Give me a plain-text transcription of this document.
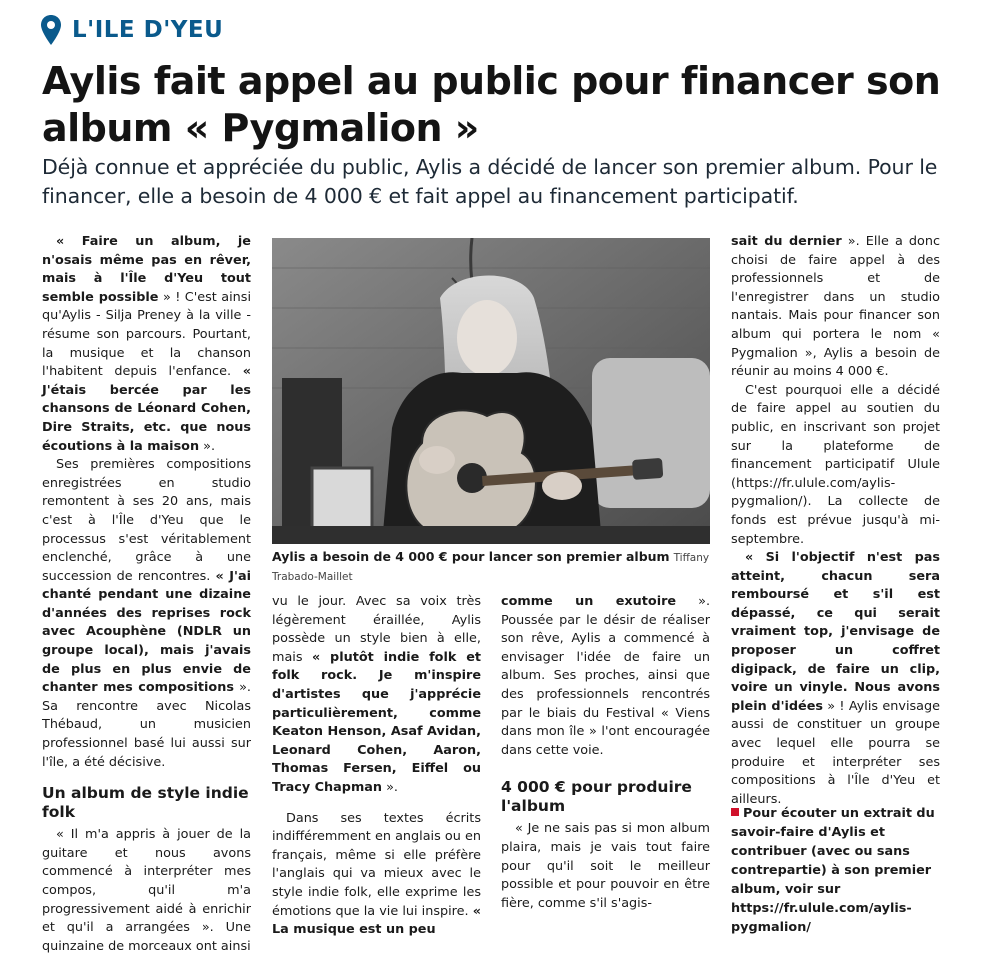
L'ILE D'YEU
Aylis fait appel au public pour financer son album « Pygmalion »

Déjà connue et appréciée du public, Aylis a décidé de lancer son premier album. Pour le financer, elle a besoin de 4 000 € et fait appel au financement participatif.

« Faire un album, je n'osais même pas en rêver, mais à l'Île d'Yeu tout semble possible » ! C'est ainsi qu'Aylis - Silja Preney à la ville - résume son parcours. Pourtant, la musique et la chanson l'habitent depuis l'enfance. « J'étais bercée par les chansons de Léonard Cohen, Dire Straits, etc. que nous écoutions à la maison ».

Ses premières compositions enregistrées en studio remontent à ses 20 ans, mais c'est à l'Île d'Yeu que le processus s'est véritablement enclenché, grâce à une succession de rencontres. « J'ai chanté pendant une dizaine d'années des reprises rock avec Acouphène (NDLR un groupe local), mais j'avais de plus en plus envie de chanter mes compositions ». Sa rencontre avec Nicolas Thébaud, un musicien professionnel basé lui aussi sur l'île, a été décisive.

Un album de style indie folk

« Il m'a appris à jouer de la guitare et nous avons commencé à interpréter mes compos, qu'il m'a progressivement aidé à enrichir et qu'il a arrangées ». Une quinzaine de morceaux ont ainsi

Aylis a besoin de 4 000 € pour lancer son premier album Tiffany Trabado-Maillet

vu le jour. Avec sa voix très légèrement éraillée, Aylis possède un style bien à elle, mais « plutôt indie folk et folk rock. Je m'inspire d'artistes que j'apprécie particulièrement, comme Keaton Henson, Asaf Avidan, Leonard Cohen, Aaron, Thomas Fersen, Eiffel ou Tracy Chapman ».

Dans ses textes écrits indifféremment en anglais ou en français, même si elle préfère l'anglais qui va mieux avec le style indie folk, elle exprime les émotions que la vie lui inspire. « La musique est un peu

comme un exutoire ». Poussée par le désir de réaliser son rêve, Aylis a commencé à envisager l'idée de faire un album. Ses proches, ainsi que des professionnels rencontrés par le biais du Festival « Viens dans mon île » l'ont encouragée dans cette voie.

4 000 € pour produire l'album

« Je ne sais pas si mon album plaira, mais je vais tout faire pour qu'il soit le meilleur possible et pour pouvoir en être fière, comme s'il s'agis-

sait du dernier ». Elle a donc choisi de faire appel à des professionnels et de l'enregistrer dans un studio nantais. Mais pour financer son album qui portera le nom « Pygmalion », Aylis a besoin de réunir au moins 4 000 €.

C'est pourquoi elle a décidé de faire appel au soutien du public, en inscrivant son projet sur la plateforme de financement participatif Ulule (https://fr.ulule.com/aylis-pygmalion/). La collecte de fonds est prévue jusqu'à mi-septembre.

« Si l'objectif n'est pas atteint, chacun sera remboursé et s'il est dépassé, ce qui serait vraiment top, j'envisage de proposer un coffret digipack, de faire un clip, voire un vinyle. Nous avons plein d'idées » ! Aylis envisage aussi de constituer un groupe avec lequel elle pourra se produire et interpréter ses compositions à l'Île d'Yeu et ailleurs.

Pour écouter un extrait du savoir-faire d'Aylis et contribuer (avec ou sans contrepartie) à son premier album, voir sur https://fr.ulule.com/aylis-pygmalion/
